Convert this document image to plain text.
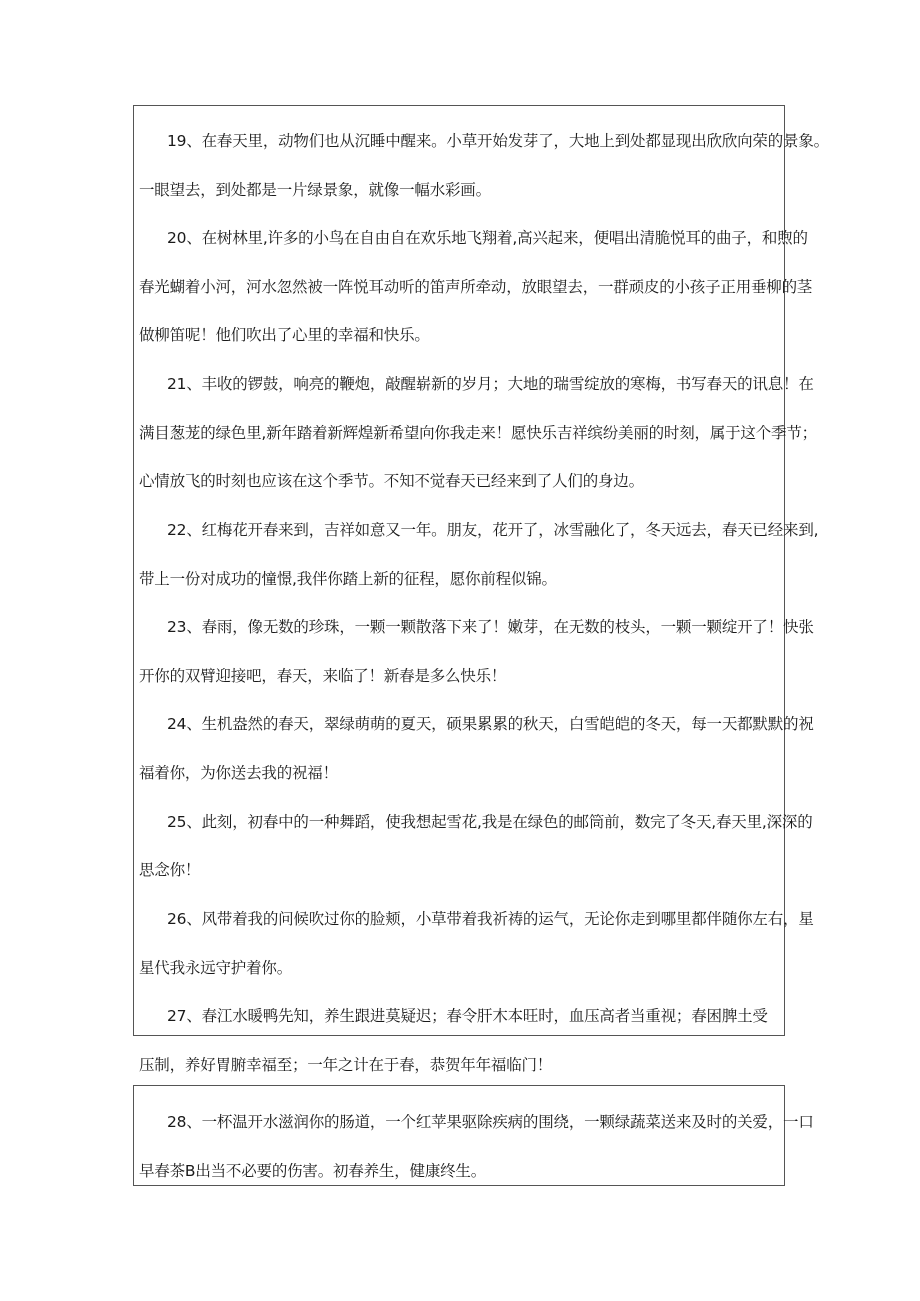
19、在春天里，动物们也从沉睡中醒来。小草开始发芽了，大地上到处都显现出欣欣向荣的景象。
一眼望去，到处都是一片绿景象，就像一幅水彩画。
20、在树林里,许多的小鸟在自由自在欢乐地飞翔着,高兴起来，便唱出清脆悦耳的曲子，和煦的
春光蝴着小河，河水忽然被一阵悦耳动听的笛声所牵动，放眼望去，一群顽皮的小孩子正用垂柳的茎
做柳笛呢！他们吹出了心里的幸福和快乐。
21、丰收的锣鼓，响亮的鞭炮，敲醒崭新的岁月；大地的瑞雪绽放的寒梅，书写春天的讯息！在
满目葱茏的绿色里,新年踏着新辉煌新希望向你我走来！愿快乐吉祥缤纷美丽的时刻，属于这个季节；
心情放飞的时刻也应该在这个季节。不知不觉春天已经来到了人们的身边。
22、红梅花开春来到，吉祥如意又一年。朋友，花开了，冰雪融化了，冬天远去，春天已经来到,
带上一份对成功的憧憬,我伴你踏上新的征程，愿你前程似锦。
23、春雨，像无数的珍珠，一颗一颗散落下来了！嫩芽，在无数的枝头，一颗一颗绽开了！快张
开你的双臂迎接吧，春天，来临了！新春是多么快乐！
24、生机盎然的春天，翠绿萌萌的夏天，硕果累累的秋天，白雪皑皑的冬天，每一天都默默的祝
福着你，为你送去我的祝福！
25、此刻，初春中的一种舞蹈，使我想起雪花,我是在绿色的邮筒前，数完了冬天,春天里,深深的
思念你！
26、风带着我的问候吹过你的脸颊，小草带着我祈祷的运气，无论你走到哪里都伴随你左右，星
星代我永远守护着你。
27、春江水暖鸭先知，养生跟进莫疑迟；春令肝木本旺时，血压高者当重视；春困脾土受
压制，养好胃腑幸福至；一年之计在于春，恭贺年年福临门！
28、一杯温开水滋润你的肠道，一个红苹果驱除疾病的围绕，一颗绿蔬菜送来及时的关爱，一口
早春茶B出当不必要的伤害。初春养生，健康终生。
